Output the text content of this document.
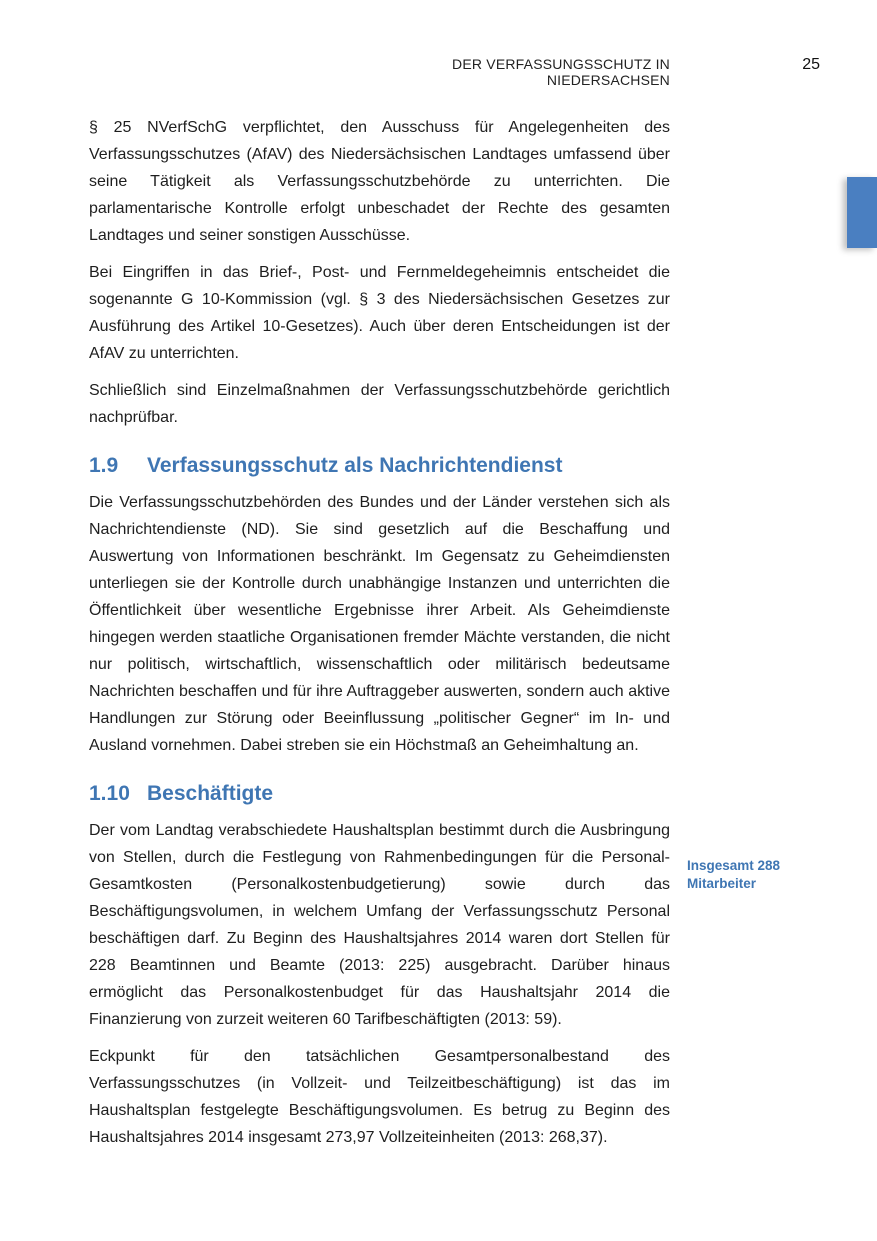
DER VERFASSUNGSSCHUTZ IN NIEDERSACHSEN
25

§ 25 NVerfSchG verpflichtet, den Ausschuss für Angelegenheiten des Verfassungsschutzes (AfAV) des Niedersächsischen Landtages umfassend über seine Tätigkeit als Verfassungsschutzbehörde zu unterrichten. Die parlamentarische Kontrolle erfolgt unbeschadet der Rechte des gesamten Landtages und seiner sonstigen Ausschüsse.

Bei Eingriffen in das Brief-, Post- und Fernmeldegeheimnis entscheidet die sogenannte G 10-Kommission (vgl. § 3 des Niedersächsischen Gesetzes zur Ausführung des Artikel 10-Gesetzes). Auch über deren Entscheidungen ist der AfAV zu unterrichten.

Schließlich sind Einzelmaßnahmen der Verfassungsschutzbehörde gerichtlich nachprüfbar.

1.9 Verfassungsschutz als Nachrichtendienst

Die Verfassungsschutzbehörden des Bundes und der Länder verstehen sich als Nachrichtendienste (ND). Sie sind gesetzlich auf die Beschaffung und Auswertung von Informationen beschränkt. Im Gegensatz zu Geheimdiensten unterliegen sie der Kontrolle durch unabhängige Instanzen und unterrichten die Öffentlichkeit über wesentliche Ergebnisse ihrer Arbeit. Als Geheimdienste hingegen werden staatliche Organisationen fremder Mächte verstanden, die nicht nur politisch, wirtschaftlich, wissenschaftlich oder militärisch bedeutsame Nachrichten beschaffen und für ihre Auftraggeber auswerten, sondern auch aktive Handlungen zur Störung oder Beeinflussung „politischer Gegner“ im In- und Ausland vornehmen. Dabei streben sie ein Höchstmaß an Geheimhaltung an.

1.10 Beschäftigte

Der vom Landtag verabschiedete Haushaltsplan bestimmt durch die Ausbringung von Stellen, durch die Festlegung von Rahmenbedingungen für die Personal-Gesamtkosten (Personalkostenbudgetierung) sowie durch das Beschäftigungsvolumen, in welchem Umfang der Verfassungsschutz Personal beschäftigen darf. Zu Beginn des Haushaltsjahres 2014 waren dort Stellen für 228 Beamtinnen und Beamte (2013: 225) ausgebracht. Darüber hinaus ermöglicht das Personalkostenbudget für das Haushaltsjahr 2014 die Finanzierung von zurzeit weiteren 60 Tarifbeschäftigten (2013: 59).

Eckpunkt für den tatsächlichen Gesamtpersonalbestand des Verfassungsschutzes (in Vollzeit- und Teilzeitbeschäftigung) ist das im Haushaltsplan festgelegte Beschäftigungsvolumen. Es betrug zu Beginn des Haushaltsjahres 2014 insgesamt 273,97 Vollzeiteinheiten (2013: 268,37).

Insgesamt 288
Mitarbeiter
